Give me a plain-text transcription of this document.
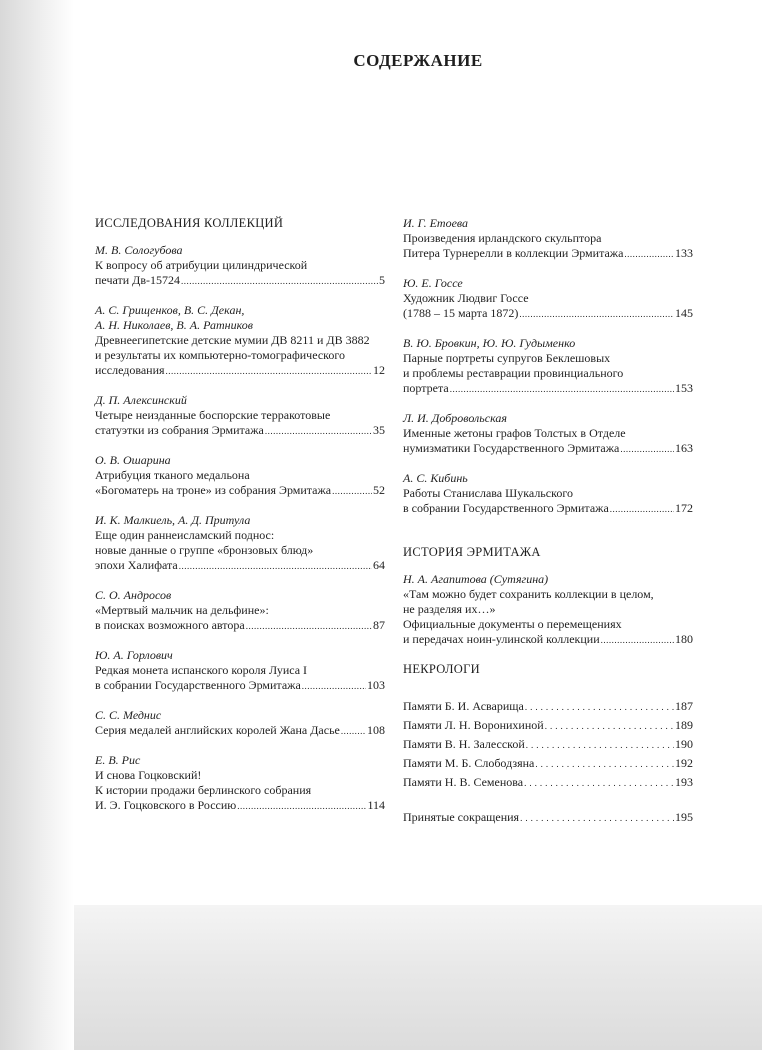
СОДЕРЖАНИЕ
ИССЛЕДОВАНИЯ КОЛЛЕКЦИЙ
М. В. Сологубова
К вопросу об атрибуции цилиндрической
печати Дв-15724 .....	5
А. С. Грищенков, В. С. Декан,
А. Н. Николаев, В. А. Ратников
Древнеегипетские детские мумии ДВ 8211 и ДВ 3882
и результаты их компьютерно-томографического
исследования .....	12
Д. П. Алексинский
Четыре неизданные боспорские терракотовые
статуэтки из собрания Эрмитажа .....	35
О. В. Ошарина
Атрибуция тканого медальона
«Богоматерь на троне» из собрания Эрмитажа .....	52
И. К. Малкиель, А. Д. Притула
Еще один раннеисламский поднос:
новые данные о группе «бронзовых блюд»
эпохи Халифата .....	64
С. О. Андросов
«Мертвый мальчик на дельфине»:
в поисках возможного автора .....	87
Ю. А. Горлович
Редкая монета испанского короля Луиса I
в собрании Государственного Эрмитажа .....	103
С. С. Меднис
Серия медалей английских королей Жана Дасье ..... 108
Е. В. Рис
И снова Гоцковский!
К истории продажи берлинского собрания
И. Э. Гоцковского в Россию .....	114
И. Г. Етоева
Произведения ирландского скульптора
Питера Турнерелли в коллекции Эрмитажа .....	133
Ю. Е. Госсе
Художник Людвиг Госсе
(1788 – 15 марта 1872) .....	145
В. Ю. Бровкин, Ю. Ю. Гудыменко
Парные портреты супругов Беклешовых
и проблемы реставрации провинциального
портрета .....	153
Л. И. Добровольская
Именные жетоны графов Толстых в Отделе
нумизматики Государственного Эрмитажа .....	163
А. С. Кибинь
Работы Станислава Шукальского
в собрании Государственного Эрмитажа .....	172
ИСТОРИЯ ЭРМИТАЖА
Н. А. Агапитова (Сутягина)
«Там можно будет сохранить коллекции в целом,
не разделяя их…»
Официальные документы о перемещениях
и передачах ноин-улинской коллекции .....	180
НЕКРОЛОГИ
Памяти Б. И. Асварища .....	187
Памяти Л. Н. Воронихиной .....	189
Памяти В. Н. Залесской .....	190
Памяти М. Б. Слободзяна .....	192
Памяти Н. В. Семенова .....	193
Принятые сокращения .....	195
